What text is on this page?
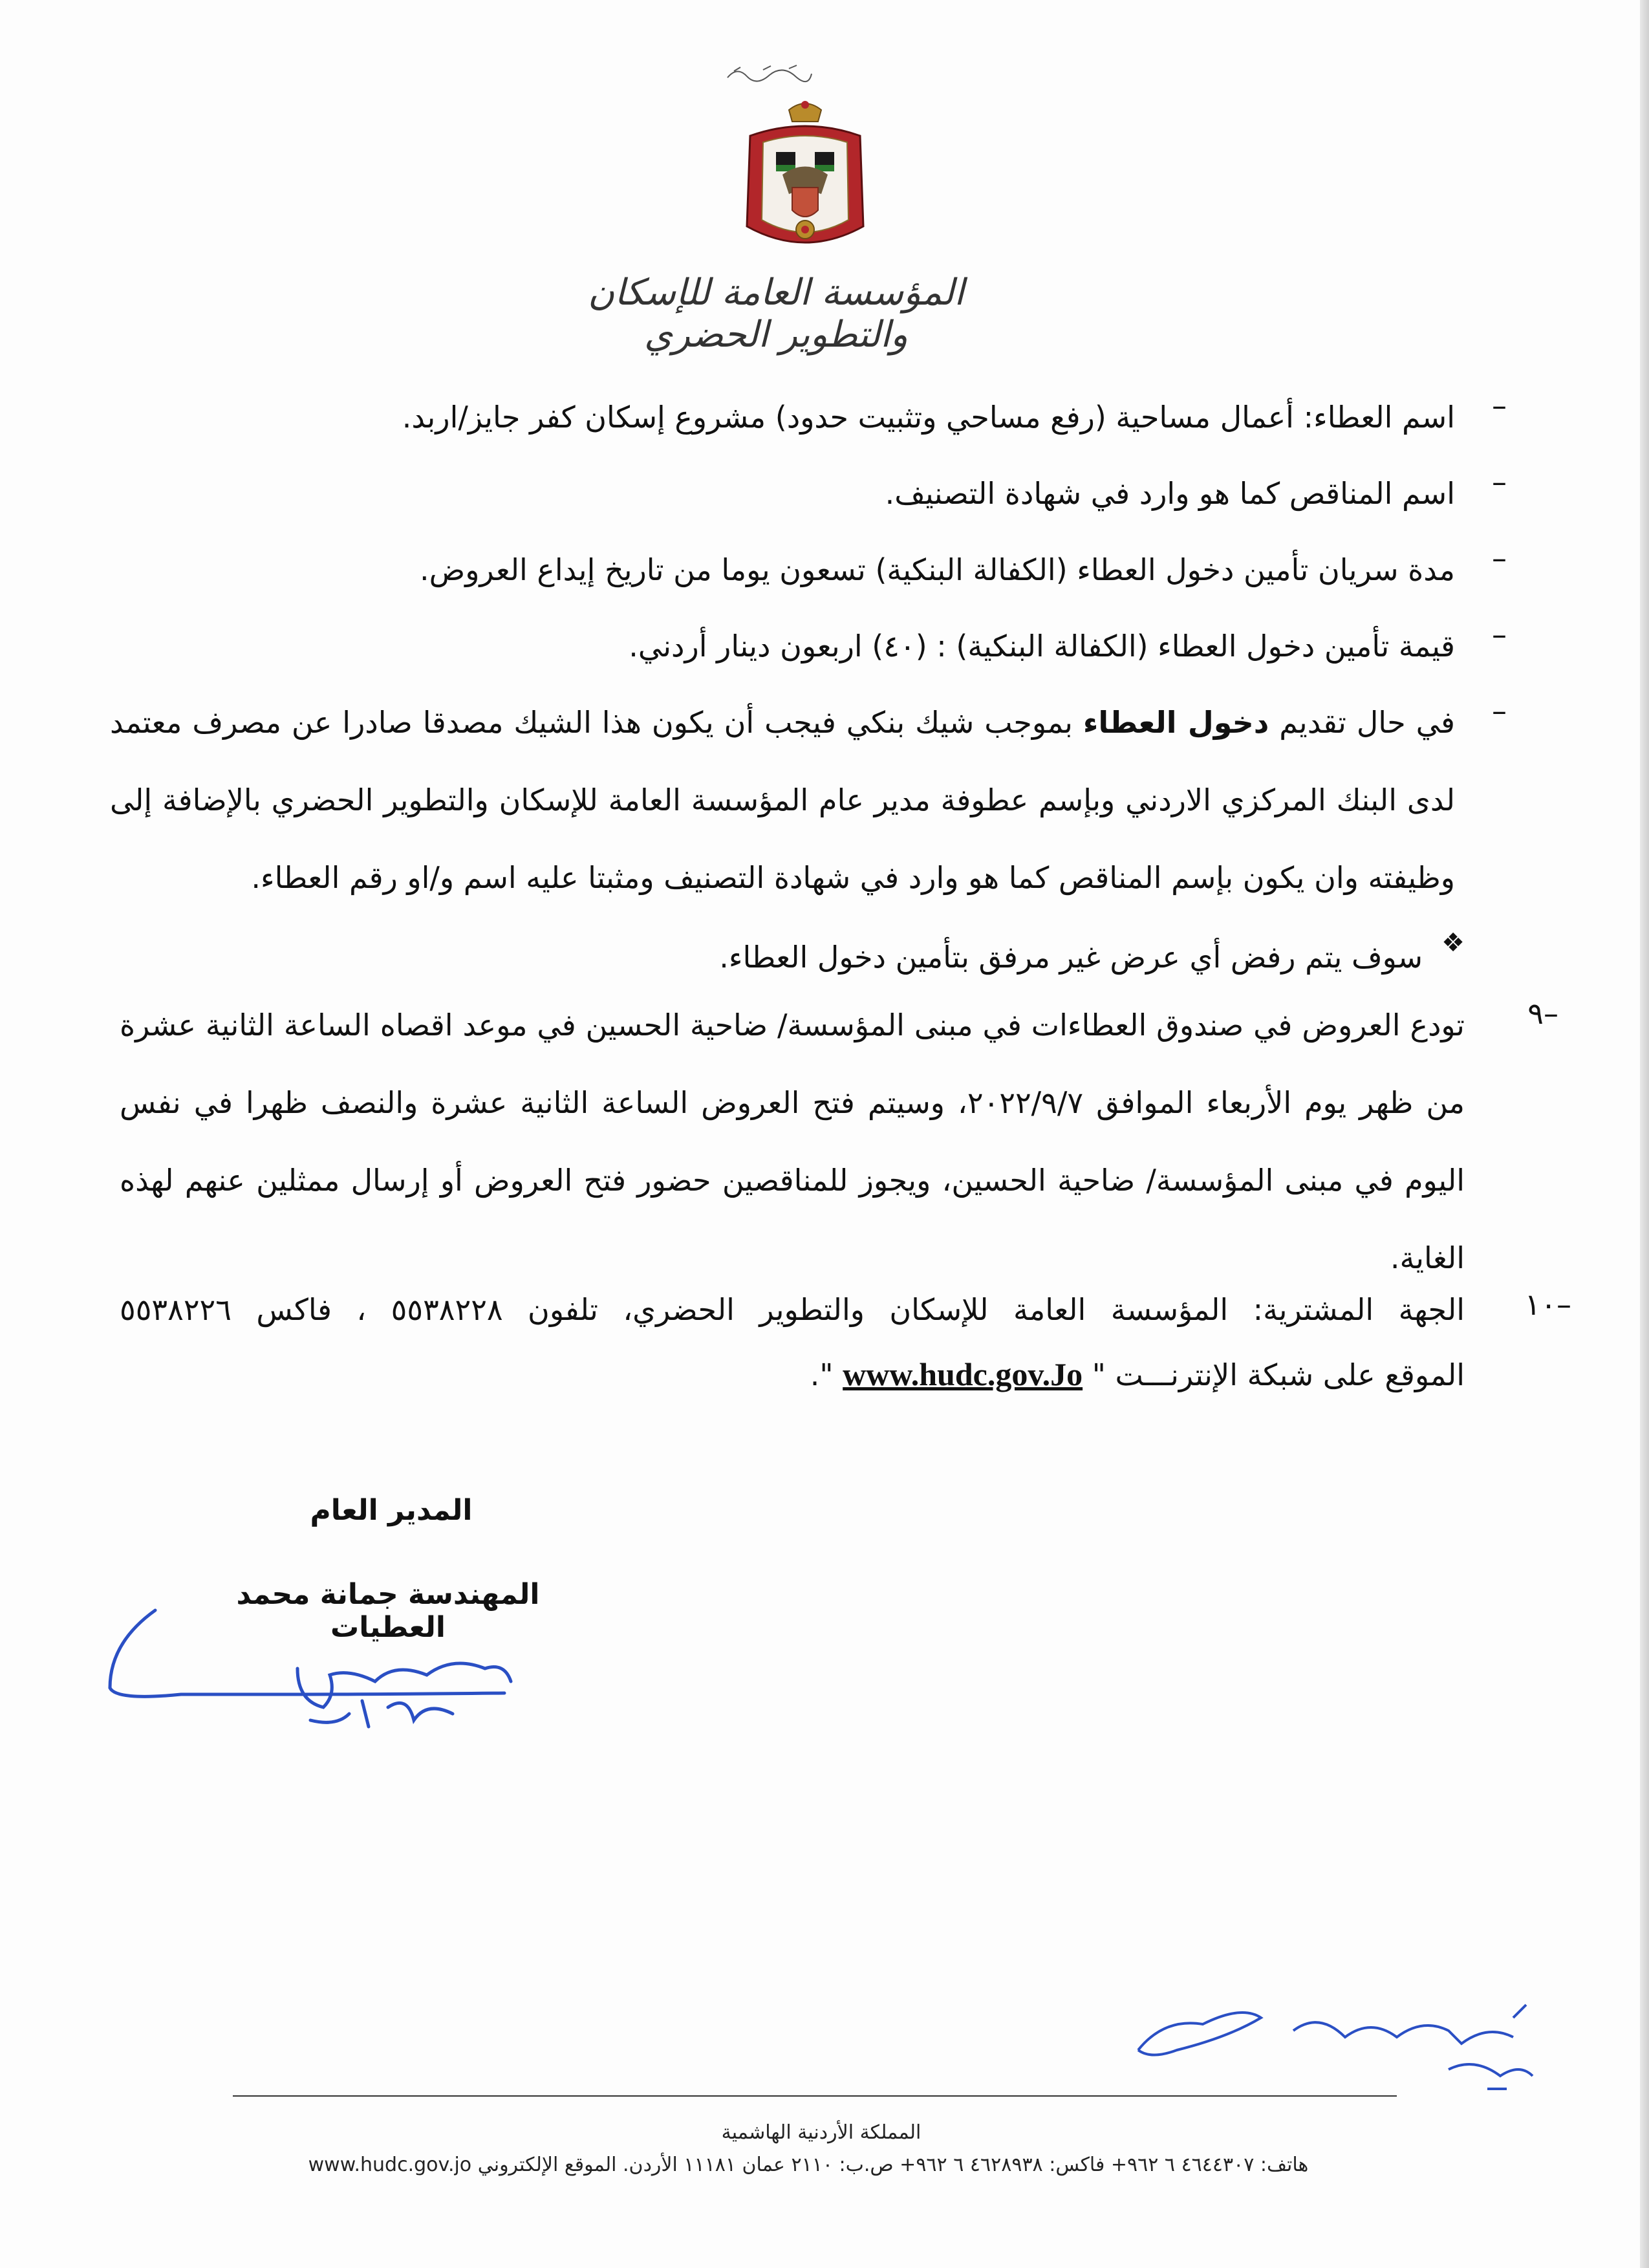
المؤسسة العامة للإسكان والتطوير الحضري
–
اسم العطاء: أعمال مساحية (رفع مساحي وتثبيت حدود) مشروع إسكان كفر جايز/اربد.
–
اسم المناقص كما هو وارد في شهادة التصنيف.
–
مدة سريان تأمين دخول العطاء (الكفالة البنكية) تسعون يوما من تاريخ إيداع العروض.
–
قيمة تأمين دخول العطاء (الكفالة البنكية) : (٤٠) اربعون دينار أردني.
–
في حال تقديم دخول العطاء بموجب شيك بنكي فيجب أن يكون هذا الشيك مصدقا صادرا عن مصرف معتمد لدى البنك المركزي الاردني وبإسم عطوفة مدير عام المؤسسة العامة للإسكان والتطوير الحضري بالإضافة إلى وظيفته وان يكون بإسم المناقص كما هو وارد في شهادة التصنيف ومثبتا عليه اسم و/او رقم العطاء.
❖
سوف يتم رفض أي عرض غير مرفق بتأمين دخول العطاء.
٩–
تودع العروض في صندوق العطاءات في مبنى المؤسسة/ ضاحية الحسين في موعد اقصاه الساعة الثانية عشرة من ظهر يوم الأربعاء الموافق ٢٠٢٢/٩/٧، وسيتم فتح العروض الساعة الثانية عشرة والنصف ظهرا في نفس اليوم في مبنى المؤسسة/ ضاحية الحسين، ويجوز للمناقصين حضور فتح العروض أو إرسال ممثلين عنهم لهذه الغاية.
١٠–
الجهة المشترية: المؤسسة العامة للإسكان والتطوير الحضري، تلفون ٥٥٣٨٢٢٨ ، فاكس ٥٥٣٨٢٢٦
الموقع على شبكة الإنترنـــت " www.hudc.gov.Jo ".
المدير العام
المهندسة جمانة محمد العطيات
المملكة الأردنية الهاشمية
هاتف: ٤٦٤٤٣٠٧ ٦ ٩٦٢+ فاكس: ٤٦٢٨٩٣٨ ٦ ٩٦٢+ ص.ب: ٢١١٠ عمان ١١١٨١ الأردن. الموقع الإلكتروني www.hudc.gov.jo
